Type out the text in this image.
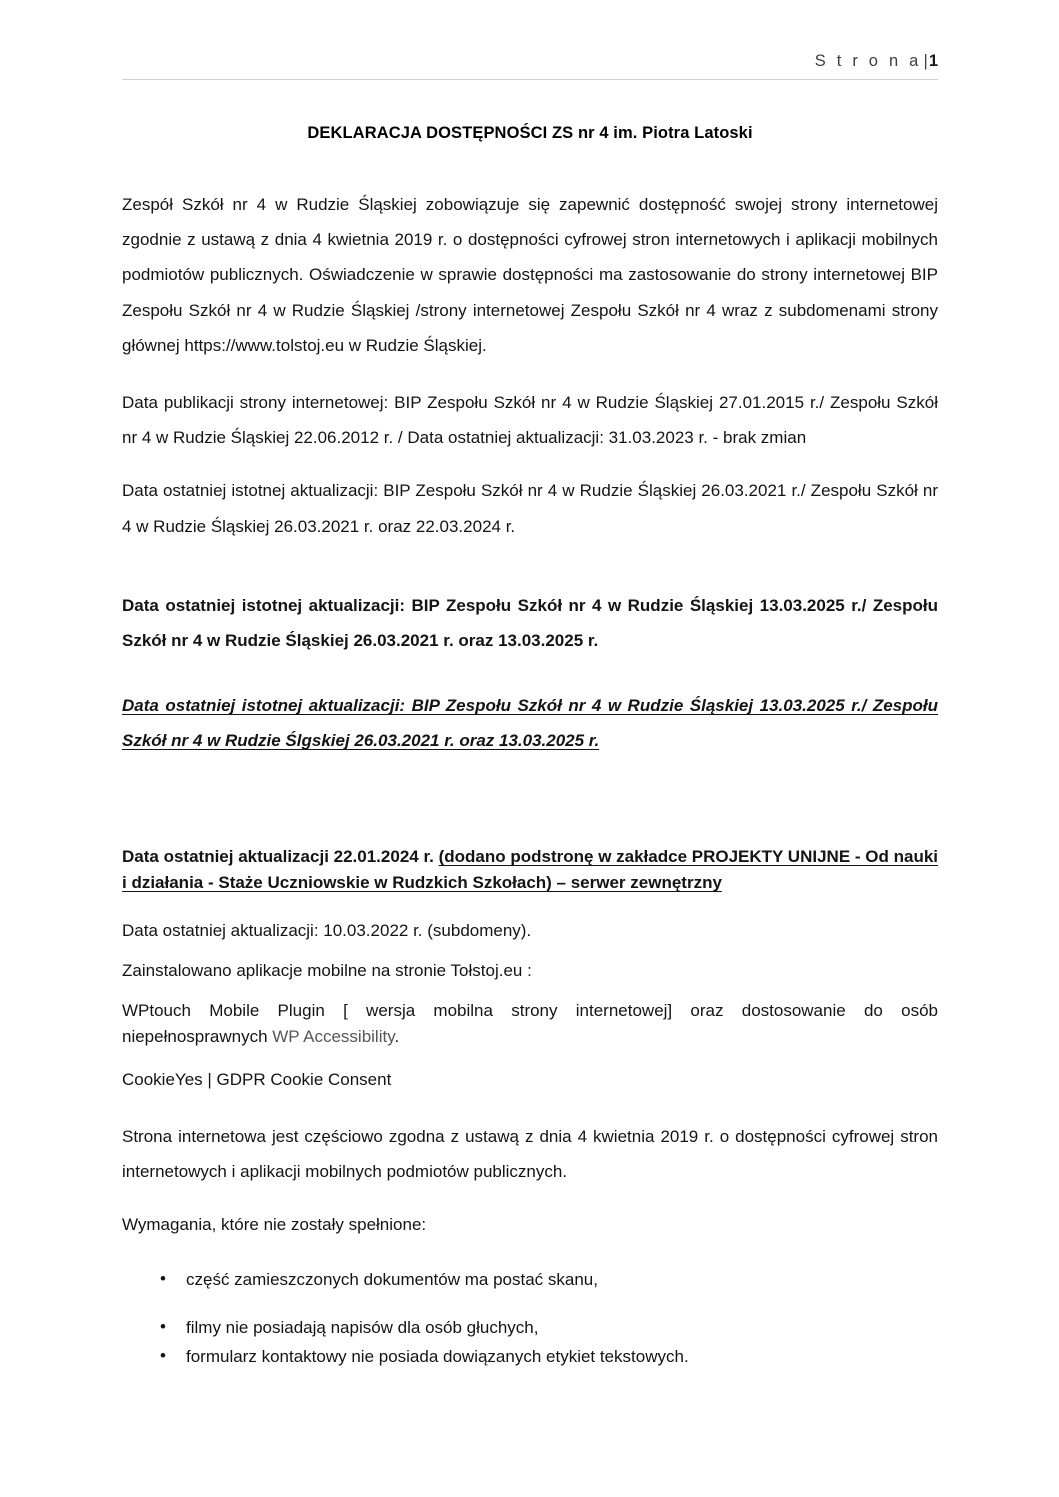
S t r o n a |1
DEKLARACJA DOSTĘPNOŚCI ZS nr 4 im. Piotra Latoski

Zespół Szkół nr 4 w Rudzie Śląskiej zobowiązuje się zapewnić dostępność swojej strony internetowej zgodnie z ustawą z dnia 4 kwietnia 2019 r. o dostępności cyfrowej stron internetowych i aplikacji mobilnych podmiotów publicznych. Oświadczenie w sprawie dostępności ma zastosowanie do strony internetowej BIP Zespołu Szkół nr 4 w Rudzie Śląskiej /strony internetowej Zespołu Szkół nr 4 wraz z subdomenami strony głównej https://www.tolstoj.eu w Rudzie Śląskiej.

Data publikacji strony internetowej: BIP Zespołu Szkół nr 4 w Rudzie Śląskiej 27.01.2015 r./ Zespołu Szkół nr 4 w Rudzie Śląskiej 22.06.2012 r. / Data ostatniej aktualizacji: 31.03.2023 r. - brak zmian

Data ostatniej istotnej aktualizacji: BIP Zespołu Szkół nr 4 w Rudzie Śląskiej 26.03.2021 r./ Zespołu Szkół nr 4 w Rudzie Śląskiej 26.03.2021 r. oraz 22.03.2024 r.

Data ostatniej istotnej aktualizacji: BIP Zespołu Szkół nr 4 w Rudzie Śląskiej 13.03.2025 r./ Zespołu Szkół nr 4 w Rudzie Śląskiej 26.03.2021 r. oraz 13.03.2025 r.

Data ostatniej istotnej aktualizacji: BIP Zespołu Szkół nr 4 w Rudzie Śląskiej 13.03.2025 r./ Zespołu Szkół nr 4 w Rudzie Ślgskiej 26.03.2021 r. oraz 13.03.2025 r.

Data ostatniej aktualizacji 22.01.2024 r. (dodano podstronę w zakładce PROJEKTY UNIJNE - Od nauki i działania - Staże Uczniowskie w Rudzkich Szkołach) – serwer zewnętrzny

Data ostatniej aktualizacji: 10.03.2022 r. (subdomeny).

Zainstalowano aplikacje mobilne na stronie Tołstoj.eu :

WPtouch Mobile Plugin [ wersja mobilna strony internetowej] oraz dostosowanie do osób niepełnosprawnych WP Accessibility.

CookieYes | GDPR Cookie Consent

Strona internetowa jest częściowo zgodna z ustawą z dnia 4 kwietnia 2019 r. o dostępności cyfrowej stron internetowych i aplikacji mobilnych podmiotów publicznych.

Wymagania, które nie zostały spełnione:

• część zamieszczonych dokumentów ma postać skanu,
• filmy nie posiadają napisów dla osób głuchych,
• formularz kontaktowy nie posiada dowiązanych etykiet tekstowych.
